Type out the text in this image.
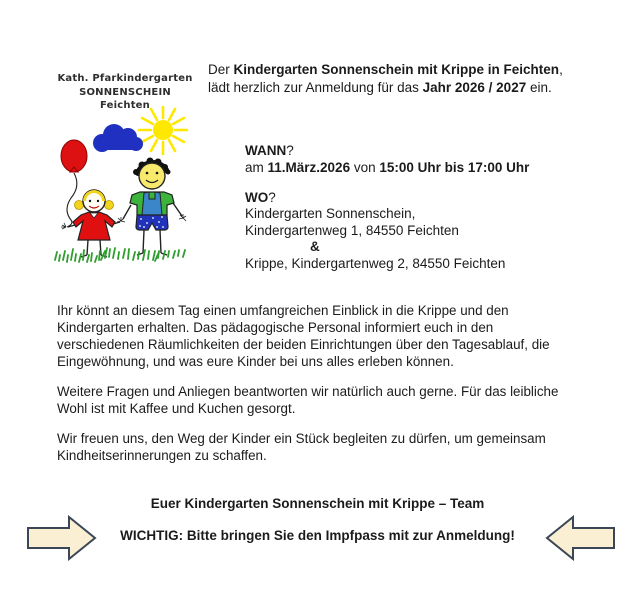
Kath. Pfarkindergarten
SONNENSCHEIN
Feichten
Der Kindergarten Sonnenschein mit Krippe in Feichten,
lädt herzlich zur Anmeldung für das Jahr 2026 / 2027 ein.
WANN?
am 11.März.2026 von 15:00 Uhr bis 17:00 Uhr
WO?
Kindergarten Sonnenschein,
Kindergartenweg 1, 84550 Feichten
&
Krippe, Kindergartenweg 2, 84550 Feichten
Ihr könnt an diesem Tag einen umfangreichen Einblick in die Krippe und den
Kindergarten erhalten. Das pädagogische Personal informiert euch in den
verschiedenen Räumlichkeiten der beiden Einrichtungen über den Tagesablauf, die
Eingewöhnung, und was eure Kinder bei uns alles erleben können.
Weitere Fragen und Anliegen beantworten wir natürlich auch gerne. Für das leibliche
Wohl ist mit Kaffee und Kuchen gesorgt.
Wir freuen uns, den Weg der Kinder ein Stück begleiten zu dürfen, um gemeinsam
Kindheitserinnerungen zu schaffen.
Euer Kindergarten Sonnenschein mit Krippe – Team
WICHTIG: Bitte bringen Sie den Impfpass mit zur Anmeldung!
